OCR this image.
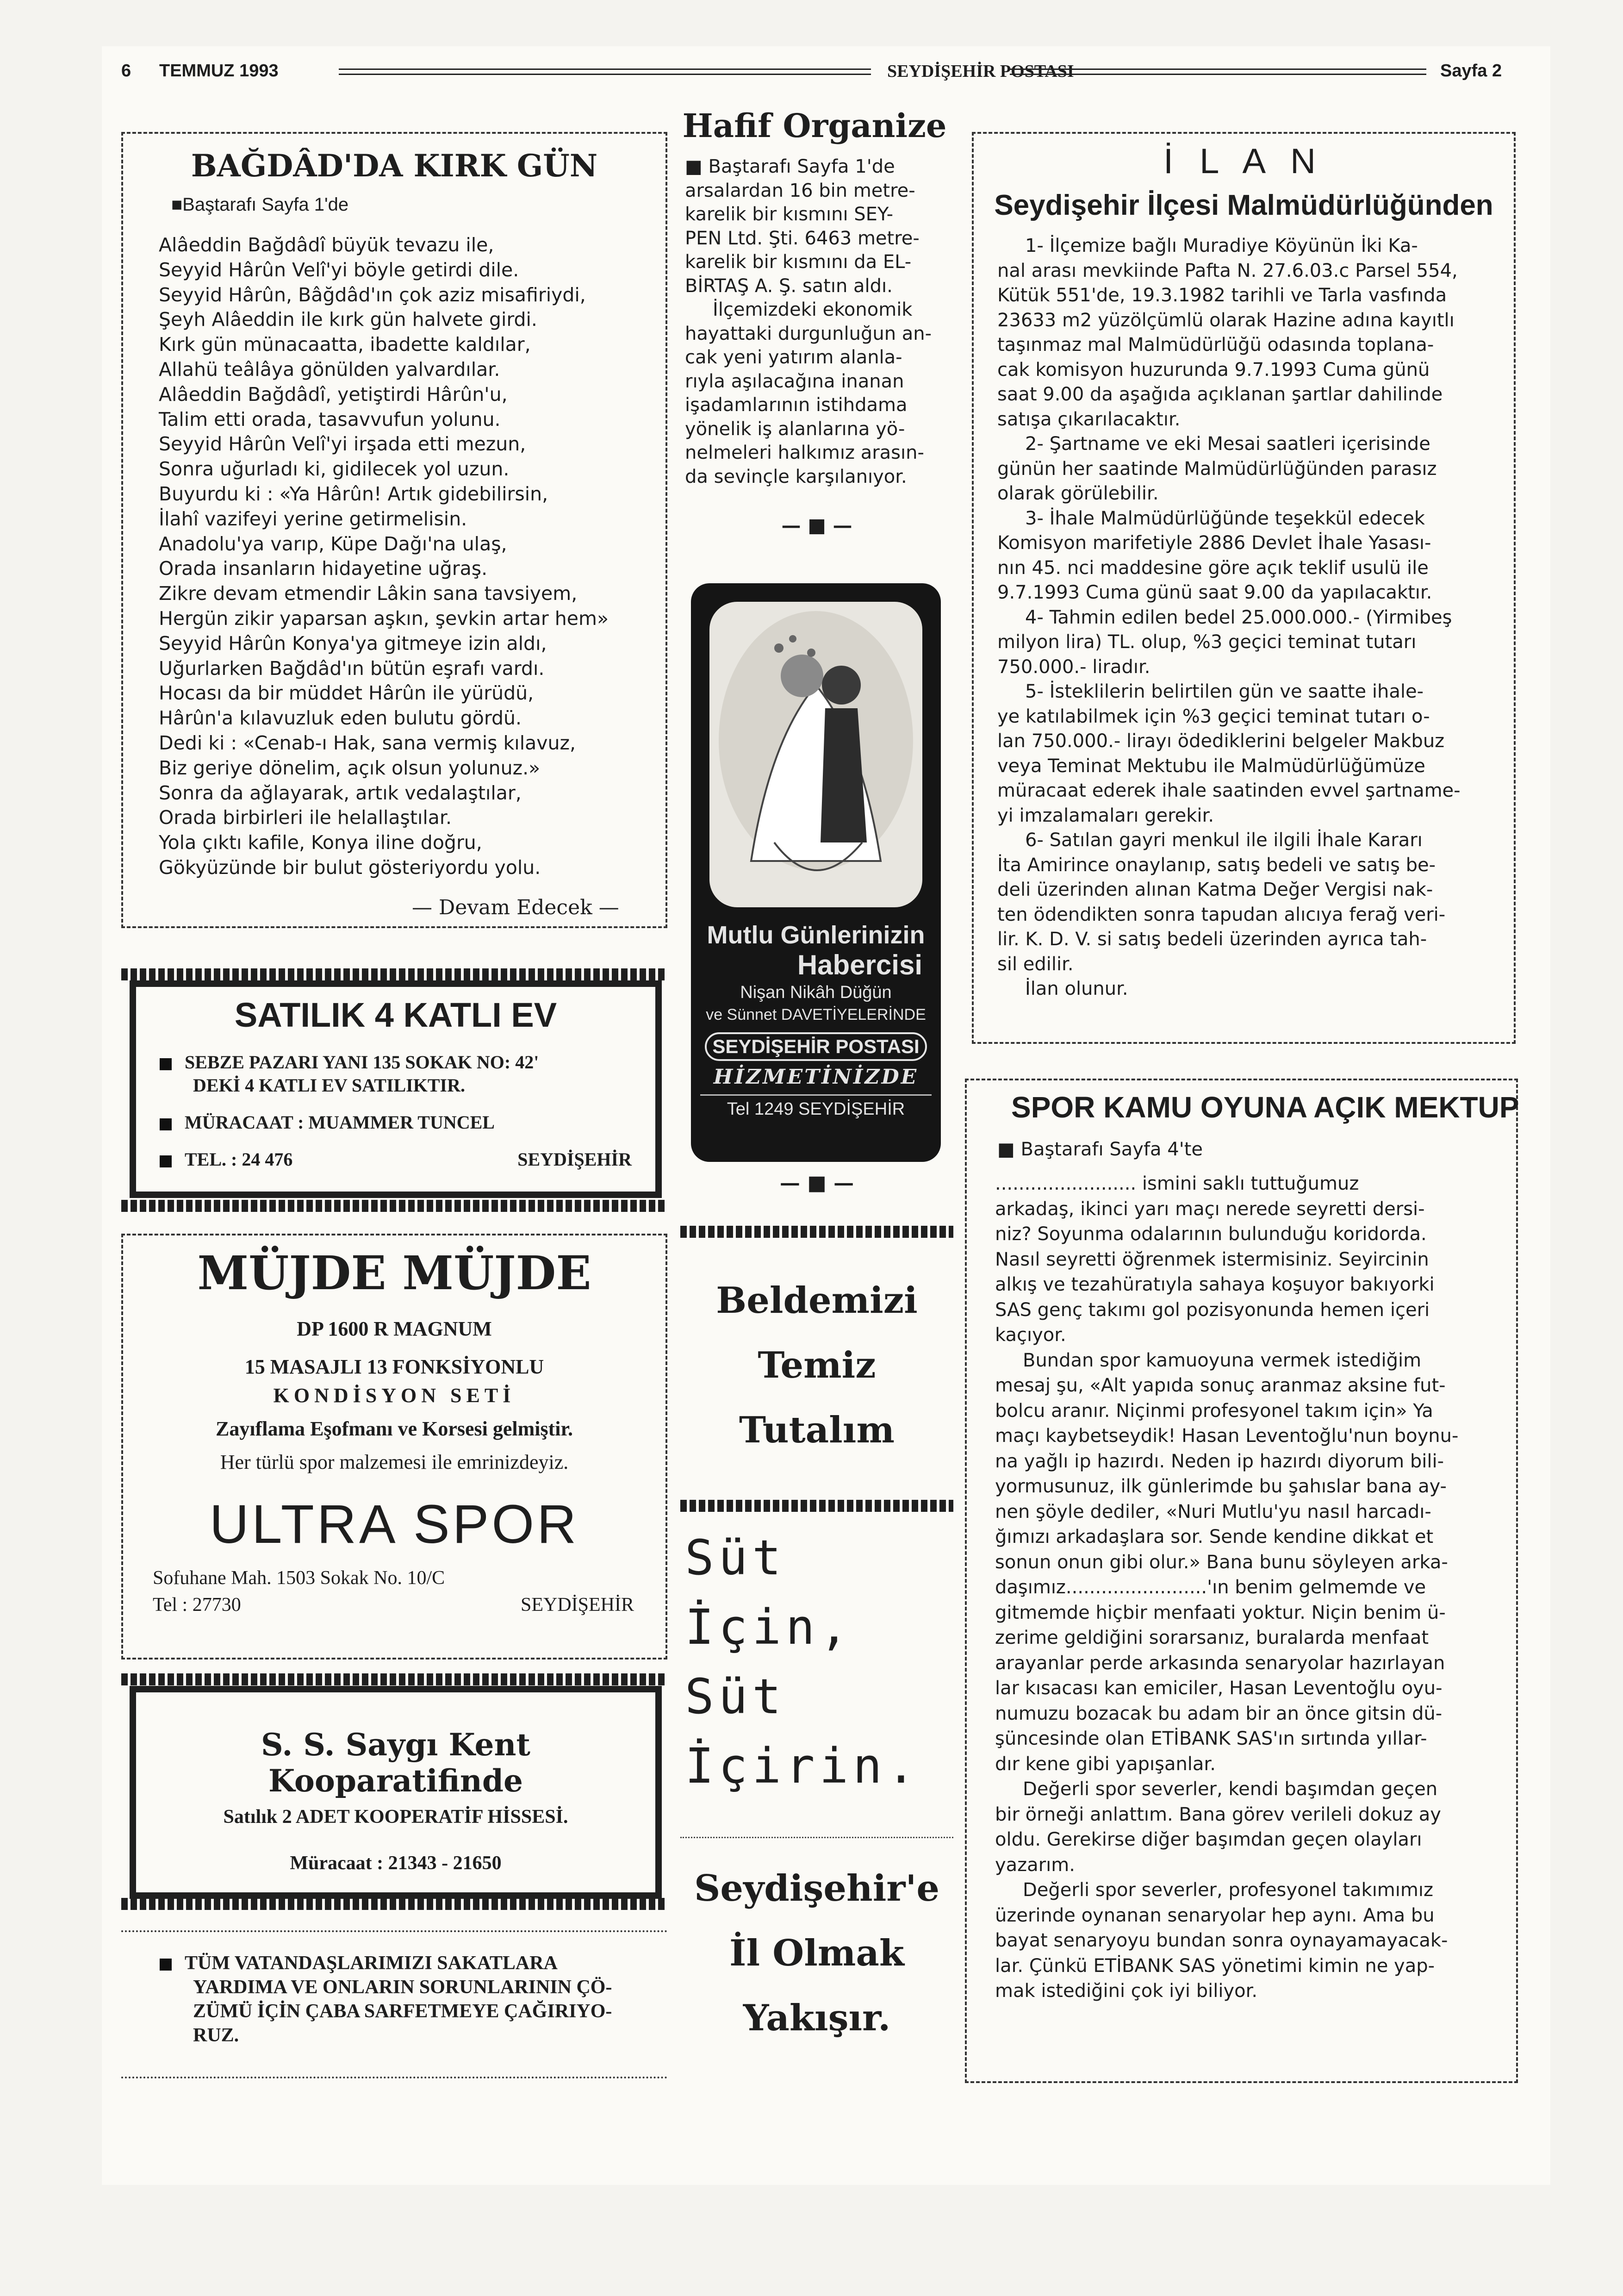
6 TEMMUZ 1993	SEYDİŞEHİR POSTASI	Sayfa 2
BAĞDÂD'DA KIRK GÜN
■Baştarafı Sayfa 1'de
Alâeddin Bağdâdî büyük tevazu ile,
Seyyid Hârûn Velî'yi böyle getirdi dile.
Seyyid Hârûn, Bâğdâd'ın çok aziz misafiriydi,
Şeyh Alâeddin ile kırk gün halvete girdi.
Kırk gün münacaatta, ibadette kaldılar,
Allahü teâlâya gönülden yalvardılar.
Alâeddin Bağdâdî, yetiştirdi Hârûn'u,
Talim etti orada, tasavvufun yolunu.
Seyyid Hârûn Velî'yi irşada etti mezun,
Sonra uğurladı ki, gidilecek yol uzun.
Buyurdu ki : «Ya Hârûn! Artık gidebilirsin,
İlahî vazifeyi yerine getirmelisin.
Anadolu'ya varıp, Küpe Dağı'na ulaş,
Orada insanların hidayetine uğraş.
Zikre devam etmendir Lâkin sana tavsiyem,
Hergün zikir yaparsan aşkın, şevkin artar hem»
Seyyid Hârûn Konya'ya gitmeye izin aldı,
Uğurlarken Bağdâd'ın bütün eşrafı vardı.
Hocası da bir müddet Hârûn ile yürüdü,
Hârûn'a kılavuzluk eden bulutu gördü.
Dedi ki : «Cenab-ı Hak, sana vermiş kılavuz,
Biz geriye dönelim, açık olsun yolunuz.»
Sonra da ağlayarak, artık vedalaştılar,
Orada birbirleri ile helallaştılar.
Yola çıktı kafile, Konya iline doğru,
Gökyüzünde bir bulut gösteriyordu yolu.
— Devam Edecek —
SATILIK 4 KATLI EV
SEBZE PAZARI YANI 135 SOKAK NO: 42'
DEKİ 4 KATLI EV SATILIKTIR.
MÜRACAAT : MUAMMER TUNCEL
TEL. : 24 476	SEYDİŞEHİR
MÜJDE MÜJDE
DP 1600 R MAGNUM
15 MASAJLI 13 FONKSİYONLU
KONDİSYON SETİ
Zayıflama Eşofmanı ve Korsesi gelmiştir.
Her türlü spor malzemesi ile emrinizdeyiz.
ULTRA SPOR
Sofuhane Mah. 1503 Sokak No. 10/C
Tel : 27730	SEYDİŞEHİR
S. S. Saygı Kent Kooparatifinde
Satılık 2 ADET KOOPERATİF HİSSESİ.
Müracaat : 21343 - 21650
TÜM VATANDAŞLARIMIZI SAKATLARA
YARDIMA VE ONLARIN SORUNLARININ ÇÖ-
ZÜMÜ İÇİN ÇABA SARFETMEYE ÇAĞIRIYO-
RUZ.
Hafif Organize
■ Baştarafı Sayfa 1'de
arsalardan 16 bin metre-
karelik bir kısmını SEY-
PEN Ltd. Şti. 6463 metre-
karelik bir kısmını da EL-
BİRTAŞ A. Ş. satın aldı.
İlçemizdeki ekonomik
hayattaki durgunluğun an-
cak yeni yatırım alanla-
rıyla aşılacağına inanan
işadamlarının istihdama
yönelik iş alanlarına yö-
nelmeleri halkımız arasın-
da sevinçle karşılanıyor.
— ■ —
Mutlu Günlerinizin
Habercisi
Nişan Nikâh Düğün
ve Sünnet DAVETİYELERİNDE
SEYDİŞEHİR POSTASI
HİZMETİNİZDE
Tel 1249 SEYDİŞEHİR
— ■ —
Beldemizi
Temiz
Tutalım
Süt
İçin,
Süt
İçirin.
Seydişehir'e
İl Olmak
Yakışır.
İ L A N
Seydişehir İlçesi Malmüdürlüğünden
1- İlçemize bağlı Muradiye Köyünün İki Ka-
nal arası mevkiinde Pafta N. 27.6.03.c Parsel 554,
Kütük 551'de, 19.3.1982 tarihli ve Tarla vasfında
23633 m2 yüzölçümlü olarak Hazine adına kayıtlı
taşınmaz mal Malmüdürlüğü odasında toplana-
cak komisyon huzurunda 9.7.1993 Cuma günü
saat 9.00 da aşağıda açıklanan şartlar dahilinde
satışa çıkarılacaktır.
2- Şartname ve eki Mesai saatleri içerisinde
günün her saatinde Malmüdürlüğünden parasız
olarak görülebilir.
3- İhale Malmüdürlüğünde teşekkül edecek
Komisyon marifetiyle 2886 Devlet İhale Yasası-
nın 45. nci maddesine göre açık teklif usulü ile
9.7.1993 Cuma günü saat 9.00 da yapılacaktır.
4- Tahmin edilen bedel 25.000.000.- (Yirmibeş
milyon lira) TL. olup, %3 geçici teminat tutarı
750.000.- liradır.
5- İsteklilerin belirtilen gün ve saatte ihale-
ye katılabilmek için %3 geçici teminat tutarı o-
lan 750.000.- lirayı ödediklerini belgeler Makbuz
veya Teminat Mektubu ile Malmüdürlüğümüze
müracaat ederek ihale saatinden evvel şartname-
yi imzalamaları gerekir.
6- Satılan gayri menkul ile ilgili İhale Kararı
İta Amirince onaylanıp, satış bedeli ve satış be-
deli üzerinden alınan Katma Değer Vergisi nak-
ten ödendikten sonra tapudan alıcıya ferağ veri-
lir. K. D. V. si satış bedeli üzerinden ayrıca tah-
sil edilir.
İlan olunur.
SPOR KAMU OYUNA AÇIK MEKTUP
■ Baştarafı Sayfa 4'te
........................ ismini saklı tuttuğumuz
arkadaş, ikinci yarı maçı nerede seyretti dersi-
niz? Soyunma odalarının bulunduğu koridorda.
Nasıl seyretti öğrenmek istermisiniz. Seyircinin
alkış ve tezahüratıyla sahaya koşuyor bakıyorki
SAS genç takımı gol pozisyonunda hemen içeri
kaçıyor.
Bundan spor kamuoyuna vermek istediğim
mesaj şu, «Alt yapıda sonuç aranmaz aksine fut-
bolcu aranır. Niçinmi profesyonel takım için» Ya
maçı kaybetseydik! Hasan Leventoğlu'nun boynu-
na yağlı ip hazırdı. Neden ip hazırdı diyorum bili-
yormusunuz, ilk günlerimde bu şahıslar bana ay-
nen şöyle dediler, «Nuri Mutlu'yu nasıl harcadı-
ğımızı arkadaşlara sor. Sende kendine dikkat et
sonun onun gibi olur.» Bana bunu söyleyen arka-
daşımız........................'ın benim gelmemde ve
gitmemde hiçbir menfaati yoktur. Niçin benim ü-
zerime geldiğini sorarsanız, buralarda menfaat
arayanlar perde arkasında senaryolar hazırlayan
lar kısacası kan emiciler, Hasan Leventoğlu oyu-
numuzu bozacak bu adam bir an önce gitsin dü-
şüncesinde olan ETİBANK SAS'ın sırtında yıllar-
dır kene gibi yapışanlar.
Değerli spor severler, kendi başımdan geçen
bir örneği anlattım. Bana görev verileli dokuz ay
oldu. Gerekirse diğer başımdan geçen olayları
yazarım.
Değerli spor severler, profesyonel takımımız
üzerinde oynanan senaryolar hep aynı. Ama bu
bayat senaryoyu bundan sonra oynayamayacak-
lar. Çünkü ETİBANK SAS yönetimi kimin ne yap-
mak istediğini çok iyi biliyor.
